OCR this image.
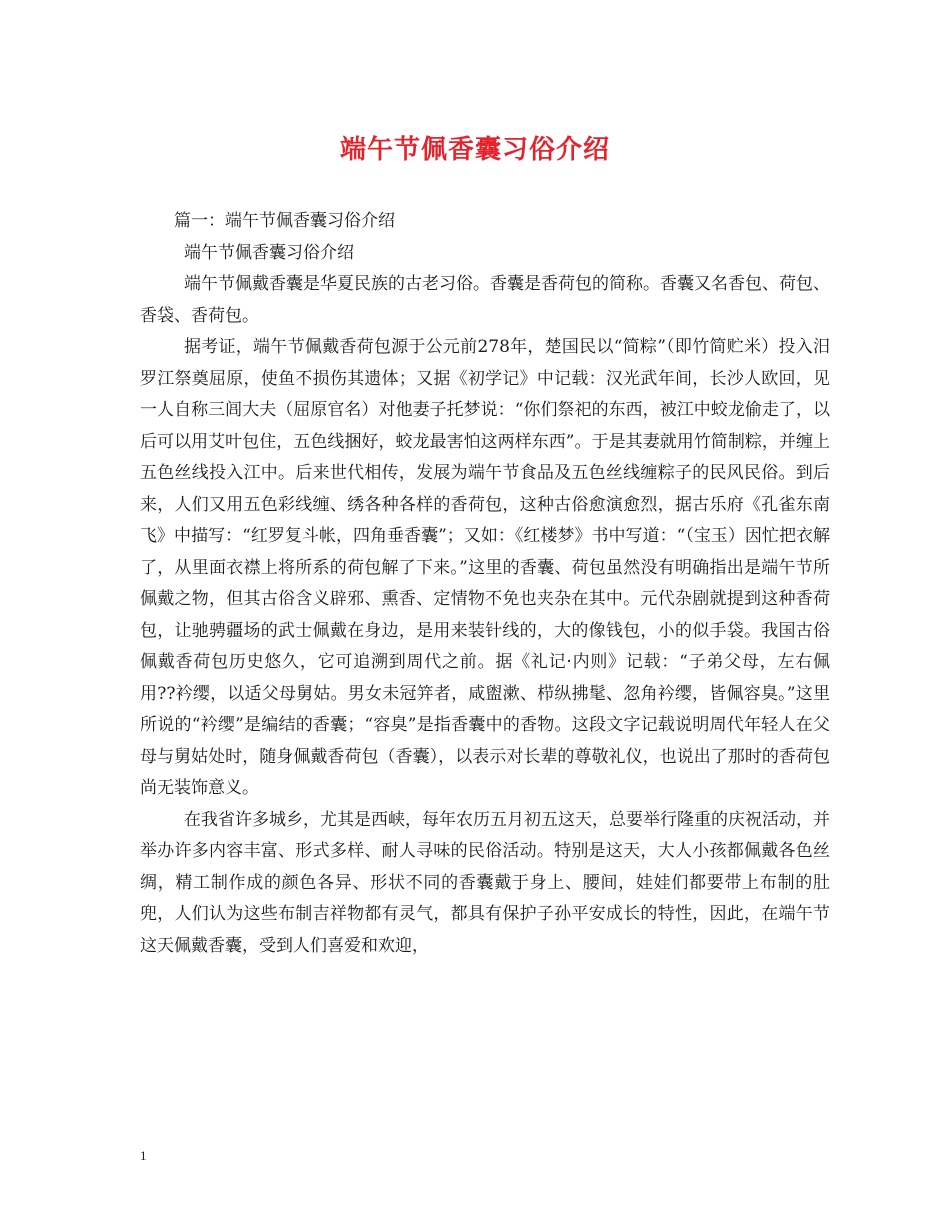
端午节佩香囊习俗介绍

篇一：端午节佩香囊习俗介绍

端午节佩香囊习俗介绍

端午节佩戴香囊是华夏民族的古老习俗。香囊是香荷包的简称。香囊又名香包、荷包、香袋、香荷包。

据考证，端午节佩戴香荷包源于公元前278年，楚国民以“简粽”（即竹简贮米）投入汨罗江祭奠屈原，使鱼不损伤其遗体；又据《初学记》中记载：汉光武年间，长沙人欧回，见一人自称三闾大夫（屈原官名）对他妻子托梦说：“你们祭祀的东西，被江中蛟龙偷走了，以后可以用艾叶包住，五色线捆好，蛟龙最害怕这两样东西”。于是其妻就用竹简制粽，并缠上五色丝线投入江中。后来世代相传，发展为端午节食品及五色丝线缠粽子的民风民俗。到后来，人们又用五色彩线缠、绣各种各样的香荷包，这种古俗愈演愈烈，据古乐府《孔雀东南飞》中描写：“红罗复斗帐，四角垂香囊”；又如：《红楼梦》书中写道：“（宝玉）因忙把衣解了，从里面衣襟上将所系的荷包解了下来。”这里的香囊、荷包虽然没有明确指出是端午节所佩戴之物，但其古俗含义辟邪、熏香、定情物不免也夹杂在其中。元代杂剧就提到这种香荷包，让驰骋疆场的武士佩戴在身边，是用来装针线的，大的像钱包，小的似手袋。我国古俗佩戴香荷包历史悠久，它可追溯到周代之前。据《礼记·内则》记载：“子弟父母，左右佩用??衿缨，以适父母舅姑。男女未冠笄者，咸盥漱、栉纵拂髦、忽角衿缨，皆佩容臭。”这里所说的“衿缨”是编结的香囊；“容臭”是指香囊中的香物。这段文字记载说明周代年轻人在父母与舅姑处时，随身佩戴香荷包（香囊），以表示对长辈的尊敬礼仪，也说出了那时的香荷包尚无装饰意义。

在我省许多城乡，尤其是西峡，每年农历五月初五这天，总要举行隆重的庆祝活动，并举办许多内容丰富、形式多样、耐人寻味的民俗活动。特别是这天，大人小孩都佩戴各色丝绸，精工制作成的颜色各异、形状不同的香囊戴于身上、腰间，娃娃们都要带上布制的肚兜，人们认为这些布制吉祥物都有灵气，都具有保护子孙平安成长的特性，因此，在端午节这天佩戴香囊，受到人们喜爱和欢迎，

1
